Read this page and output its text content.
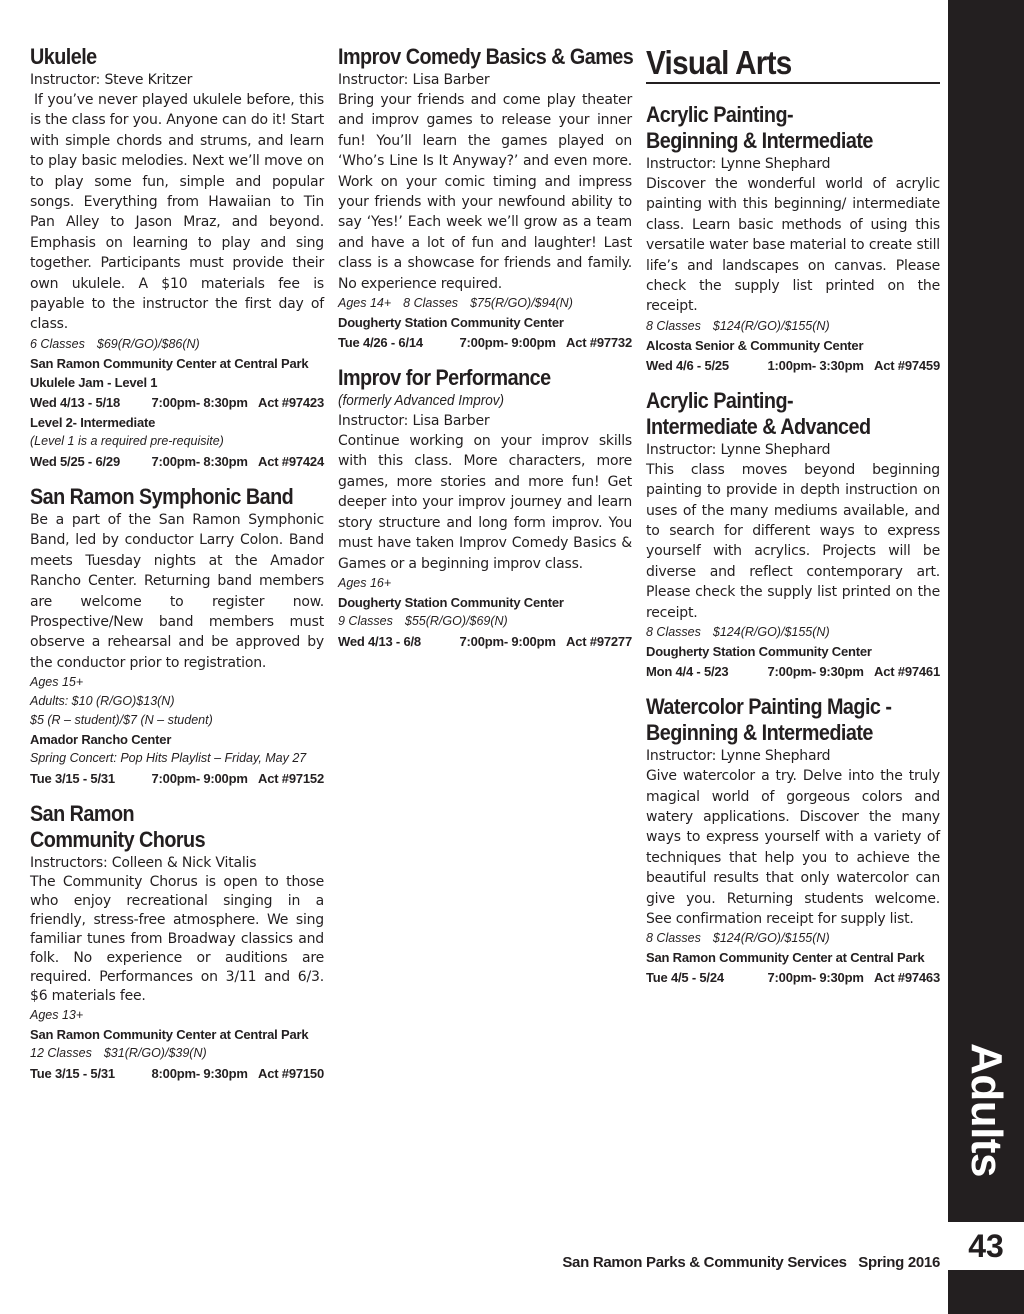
Ukulele
Instructor: Steve Kritzer
If you’ve never played ukulele before, this is the class for you. Anyone can do it! Start with simple chords and strums, and learn to play basic melodies. Next we’ll move on to play some fun, simple and popular songs. Everything from Hawaiian to Tin Pan Alley to Jason Mraz, and beyond. Emphasis on learning to play and sing together. Participants must provide their own ukulele. A $10 materials fee is payable to the instructor the first day of class.
6 Classes $69(R/GO)/$86(N)
San Ramon Community Center at Central Park
Ukulele Jam - Level 1
Wed 4/13 - 5/18	7:00pm- 8:30pm Act #97423
Level 2- Intermediate
(Level 1 is a required pre-requisite)
Wed 5/25 - 6/29	7:00pm- 8:30pm Act #97424
San Ramon Symphonic Band
Be a part of the San Ramon Symphonic Band, led by conductor Larry Colon. Band meets Tuesday nights at the Amador Rancho Center. Returning band members are welcome to register now. Prospective/New band members must observe a rehearsal and be approved by the conductor prior to registration.
Ages 15+
Adults: $10 (R/GO)$13(N)
$5 (R – student)/$7 (N – student)
Amador Rancho Center
Spring Concert: Pop Hits Playlist – Friday, May 27
Tue 3/15 - 5/31	7:00pm- 9:00pm Act #97152
San Ramon
Community Chorus
Instructors: Colleen & Nick Vitalis
The Community Chorus is open to those who enjoy recreational singing in a friendly, stress-free atmosphere. We sing familiar tunes from Broadway classics and folk. No experience or auditions are required. Performances on 3/11 and 6/3. $6 materials fee.
Ages 13+
San Ramon Community Center at Central Park
12 Classes $31(R/GO)/$39(N)
Tue 3/15 - 5/31	8:00pm- 9:30pm Act #97150
Improv Comedy Basics & Games
Instructor: Lisa Barber
Bring your friends and come play theater and improv games to release your inner fun! You’ll learn the games played on ‘Who’s Line Is It Anyway?’ and even more. Work on your comic timing and impress your friends with your newfound ability to say ‘Yes!’ Each week we’ll grow as a team and have a lot of fun and laughter! Last class is a showcase for friends and family. No experience required.
Ages 14+ 8 Classes $75(R/GO)/$94(N)
Dougherty Station Community Center
Tue 4/26 - 6/14	7:00pm- 9:00pm Act #97732
Improv for Performance
(formerly Advanced Improv)
Instructor: Lisa Barber
Continue working on your improv skills with this class. More characters, more games, more stories and more fun! Get deeper into your improv journey and learn story structure and long form improv. You must have taken Improv Comedy Basics & Games or a beginning improv class.
Ages 16+
Dougherty Station Community Center
9 Classes $55(R/GO)/$69(N)
Wed 4/13 - 6/8	7:00pm- 9:00pm Act #97277
Visual Arts
Acrylic Painting-
Beginning & Intermediate
Instructor: Lynne Shephard
Discover the wonderful world of acrylic painting with this beginning/ intermediate class. Learn basic methods of using this versatile water base material to create still life’s and landscapes on canvas. Please check the supply list printed on the receipt.
8 Classes $124(R/GO)/$155(N)
Alcosta Senior & Community Center
Wed 4/6 - 5/25	1:00pm- 3:30pm Act #97459
Acrylic Painting-
Intermediate & Advanced
Instructor: Lynne Shephard
This class moves beyond beginning painting to provide in depth instruction on uses of the many mediums available, and to search for different ways to express yourself with acrylics. Projects will be diverse and reflect contemporary art. Please check the supply list printed on the receipt.
8 Classes $124(R/GO)/$155(N)
Dougherty Station Community Center
Mon 4/4 - 5/23	7:00pm- 9:30pm Act #97461
Watercolor Painting Magic -
Beginning & Intermediate
Instructor: Lynne Shephard
Give watercolor a try. Delve into the truly magical world of gorgeous colors and watery applications. Discover the many ways to express yourself with a variety of techniques that help you to achieve the beautiful results that only watercolor can give you. Returning students welcome. See confirmation receipt for supply list.
8 Classes $124(R/GO)/$155(N)
San Ramon Community Center at Central Park
Tue 4/5 - 5/24	7:00pm- 9:30pm Act #97463
Adults
43
San Ramon Parks & Community Services   Spring 2016
